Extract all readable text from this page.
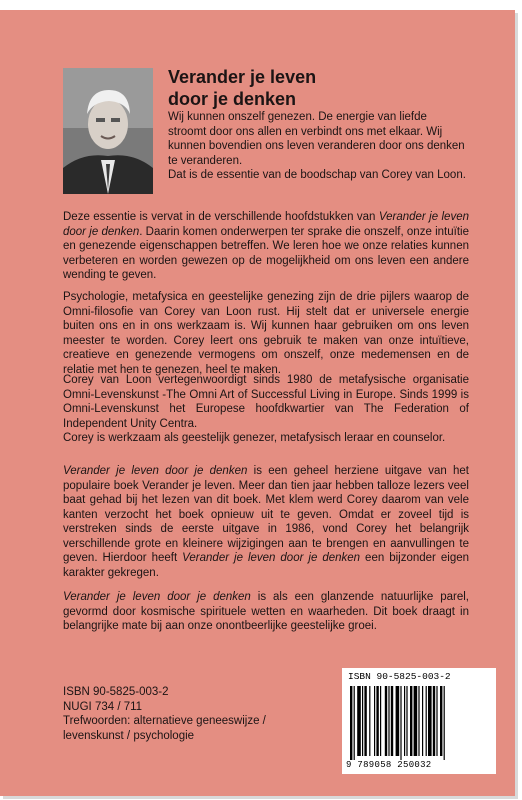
Verander je leven
door je denken

Wij kunnen onszelf genezen. De energie van liefde stroomt door ons allen en verbindt ons met elkaar. Wij kunnen bovendien ons leven veranderen door ons denken te veranderen.
Dat is de essentie van de boodschap van Corey van Loon.

Deze essentie is vervat in de verschillende hoofdstukken van Verander je leven door je denken. Daarin komen onderwerpen ter sprake die onszelf, onze intuïtie en genezende eigenschappen betreffen. We leren hoe we onze relaties kunnen verbeteren en worden gewezen op de mogelijkheid om ons leven een andere wending te geven.

Psychologie, metafysica en geestelijke genezing zijn de drie pijlers waarop de Omni-filosofie van Corey van Loon rust. Hij stelt dat er universele energie buiten ons en in ons werkzaam is. Wij kunnen haar gebruiken om ons leven meester te worden. Corey leert ons gebruik te maken van onze intuïtieve, creatieve en genezende vermogens om onszelf, onze medemensen en de relatie met hen te genezen, heel te maken.

Corey van Loon vertegenwoordigt sinds 1980 de metafysische organisatie Omni-Levenskunst -The Omni Art of Successful Living in Europe. Sinds 1999 is Omni-Levenskunst het Europese hoofdkwartier van The Federation of Independent Unity Centra.
Corey is werkzaam als geestelijk genezer, metafysisch leraar en counselor.

Verander je leven door je denken is een geheel herziene uitgave van het populaire boek Verander je leven. Meer dan tien jaar hebben talloze lezers veel baat gehad bij het lezen van dit boek. Met klem werd Corey daarom van vele kanten verzocht het boek opnieuw uit te geven. Omdat er zoveel tijd is verstreken sinds de eerste uitgave in 1986, vond Corey het belangrijk verschillende grote en kleinere wijzigingen aan te brengen en aanvullingen te geven. Hierdoor heeft Verander je leven door je denken een bijzonder eigen karakter gekregen.

Verander je leven door je denken is als een glanzende natuurlijke parel, gevormd door kosmische spirituele wetten en waarheden. Dit boek draagt in belangrijke mate bij aan onze onontbeerlijke geestelijke groei.

ISBN 90-5825-003-2
NUGI 734 / 711
Trefwoorden: alternatieve geneeswijze /
levenskunst / psychologie
ISBN 90-5825-003-2
9 789058 250032
